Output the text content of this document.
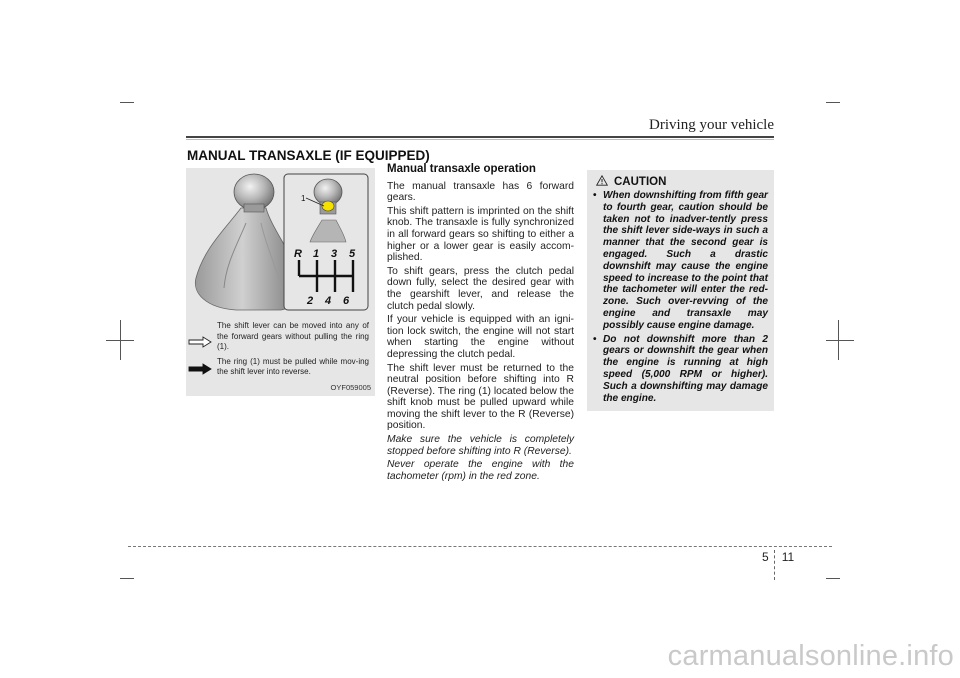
Driving your vehicle
MANUAL TRANSAXLE (IF EQUIPPED)
1
R 1 3 5
2 4 6

The shift lever can be moved into any of the forward gears without pulling the ring (1).

The ring (1) must be pulled while mov-ing the shift lever into reverse.

OYF059005
Manual transaxle operation

The manual transaxle has 6 forward gears.

This shift pattern is imprinted on the shift knob. The transaxle is fully synchronized in all forward gears so shifting to either a higher or a lower gear is easily accom-plished.

To shift gears, press the clutch pedal down fully, select the desired gear with the gearshift lever, and release the clutch pedal slowly.

If your vehicle is equipped with an igni-tion lock switch, the engine will not start when starting the engine without depressing the clutch pedal.

The shift lever must be returned to the neutral position before shifting into R (Reverse). The ring (1) located below the shift knob must be pulled upward while moving the shift lever to the R (Reverse) position.

Make sure the vehicle is completely stopped before shifting into R (Reverse).

Never operate the engine with the tachometer (rpm) in the red zone.

CAUTION
• When downshifting from fifth gear to fourth gear, caution should be taken not to inadver-tently press the shift lever side-ways in such a manner that the second gear is engaged. Such a drastic downshift may cause the engine speed to increase to the point that the tachometer will enter the red-zone. Such over-revving of the engine and transaxle may possibly cause engine damage.
• Do not downshift more than 2 gears or downshift the gear when the engine is running at high speed (5,000 RPM or higher). Such a downshifting may damage the engine.
5 11
carmanualsonline.info
